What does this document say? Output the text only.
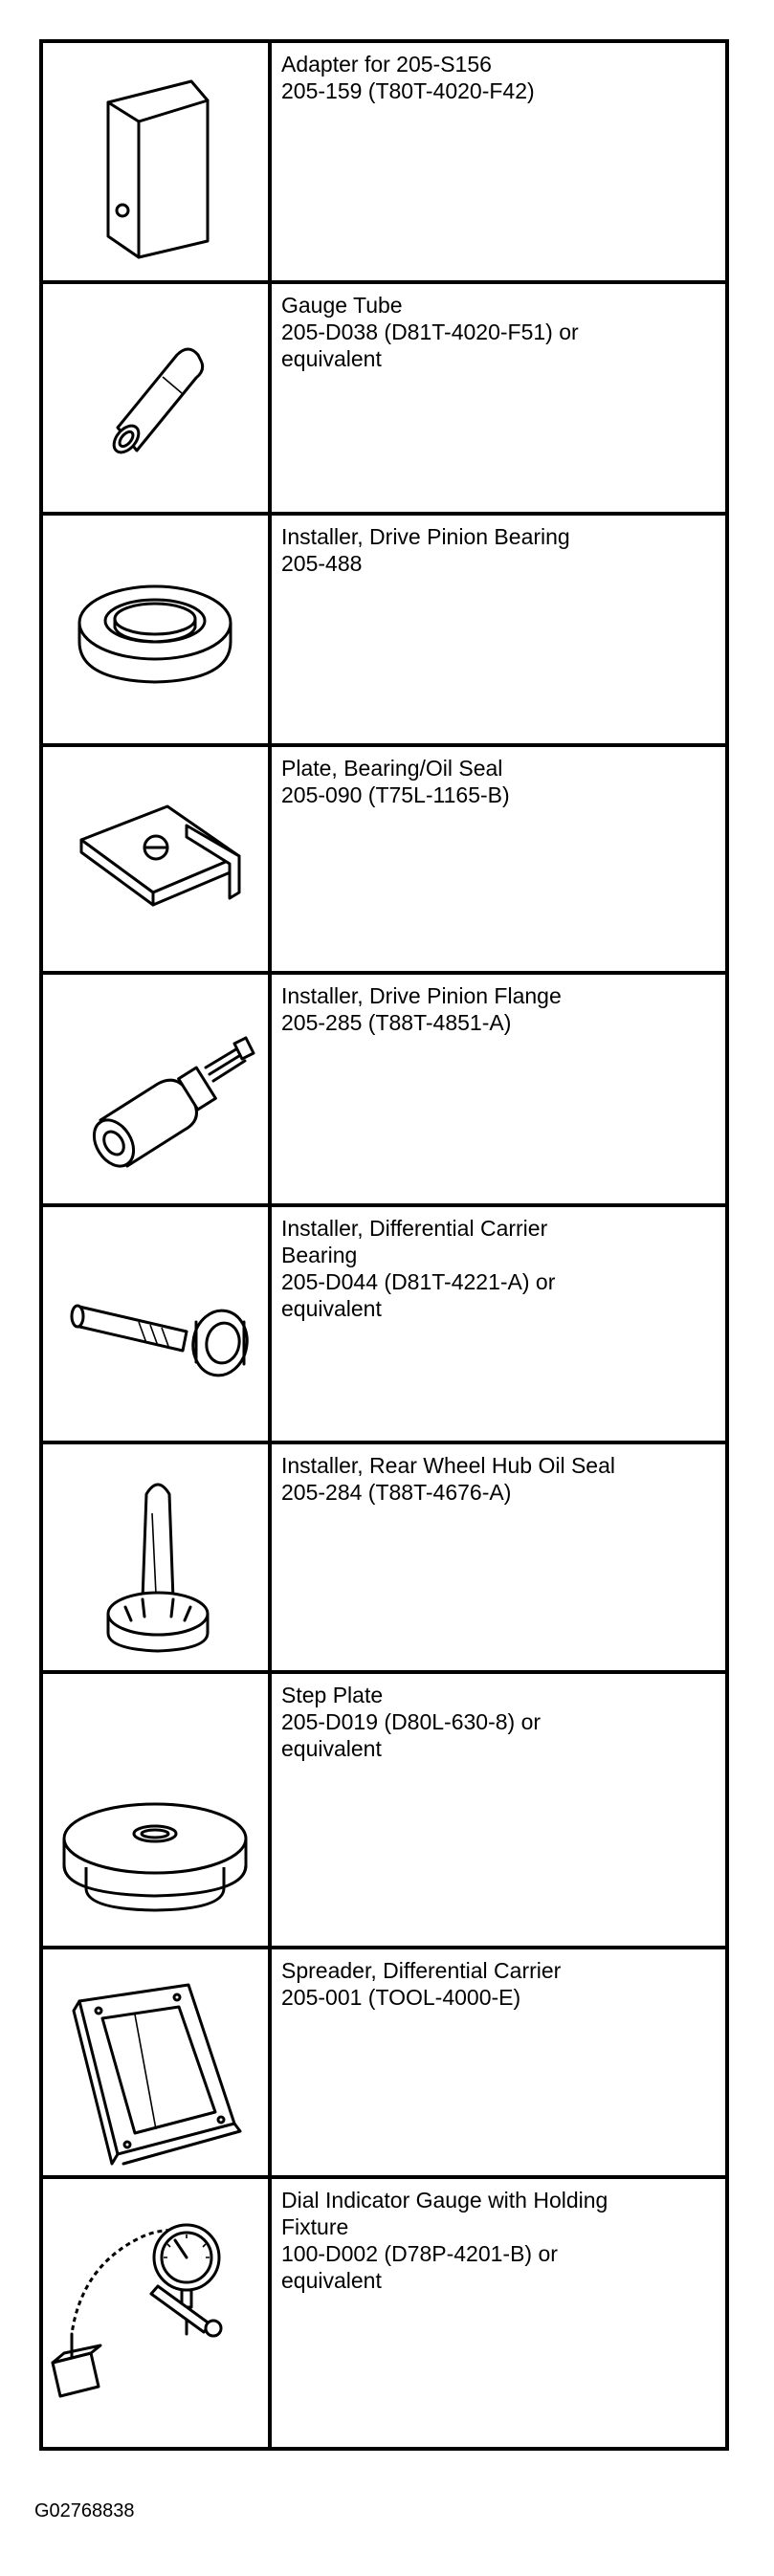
Adapter for 205-S156
205-159 (T80T-4020-F42)

Gauge Tube
205-D038 (D81T-4020-F51) or
equivalent

Installer, Drive Pinion Bearing
205-488

Plate, Bearing/Oil Seal
205-090 (T75L-1165-B)

Installer, Drive Pinion Flange
205-285 (T88T-4851-A)

Installer, Differential Carrier
Bearing
205-D044 (D81T-4221-A) or
equivalent

Installer, Rear Wheel Hub Oil Seal
205-284 (T88T-4676-A)

Step Plate
205-D019 (D80L-630-8) or
equivalent

Spreader, Differential Carrier
205-001 (TOOL-4000-E)

Dial Indicator Gauge with Holding
Fixture
100-D002 (D78P-4201-B) or
equivalent
G02768838
